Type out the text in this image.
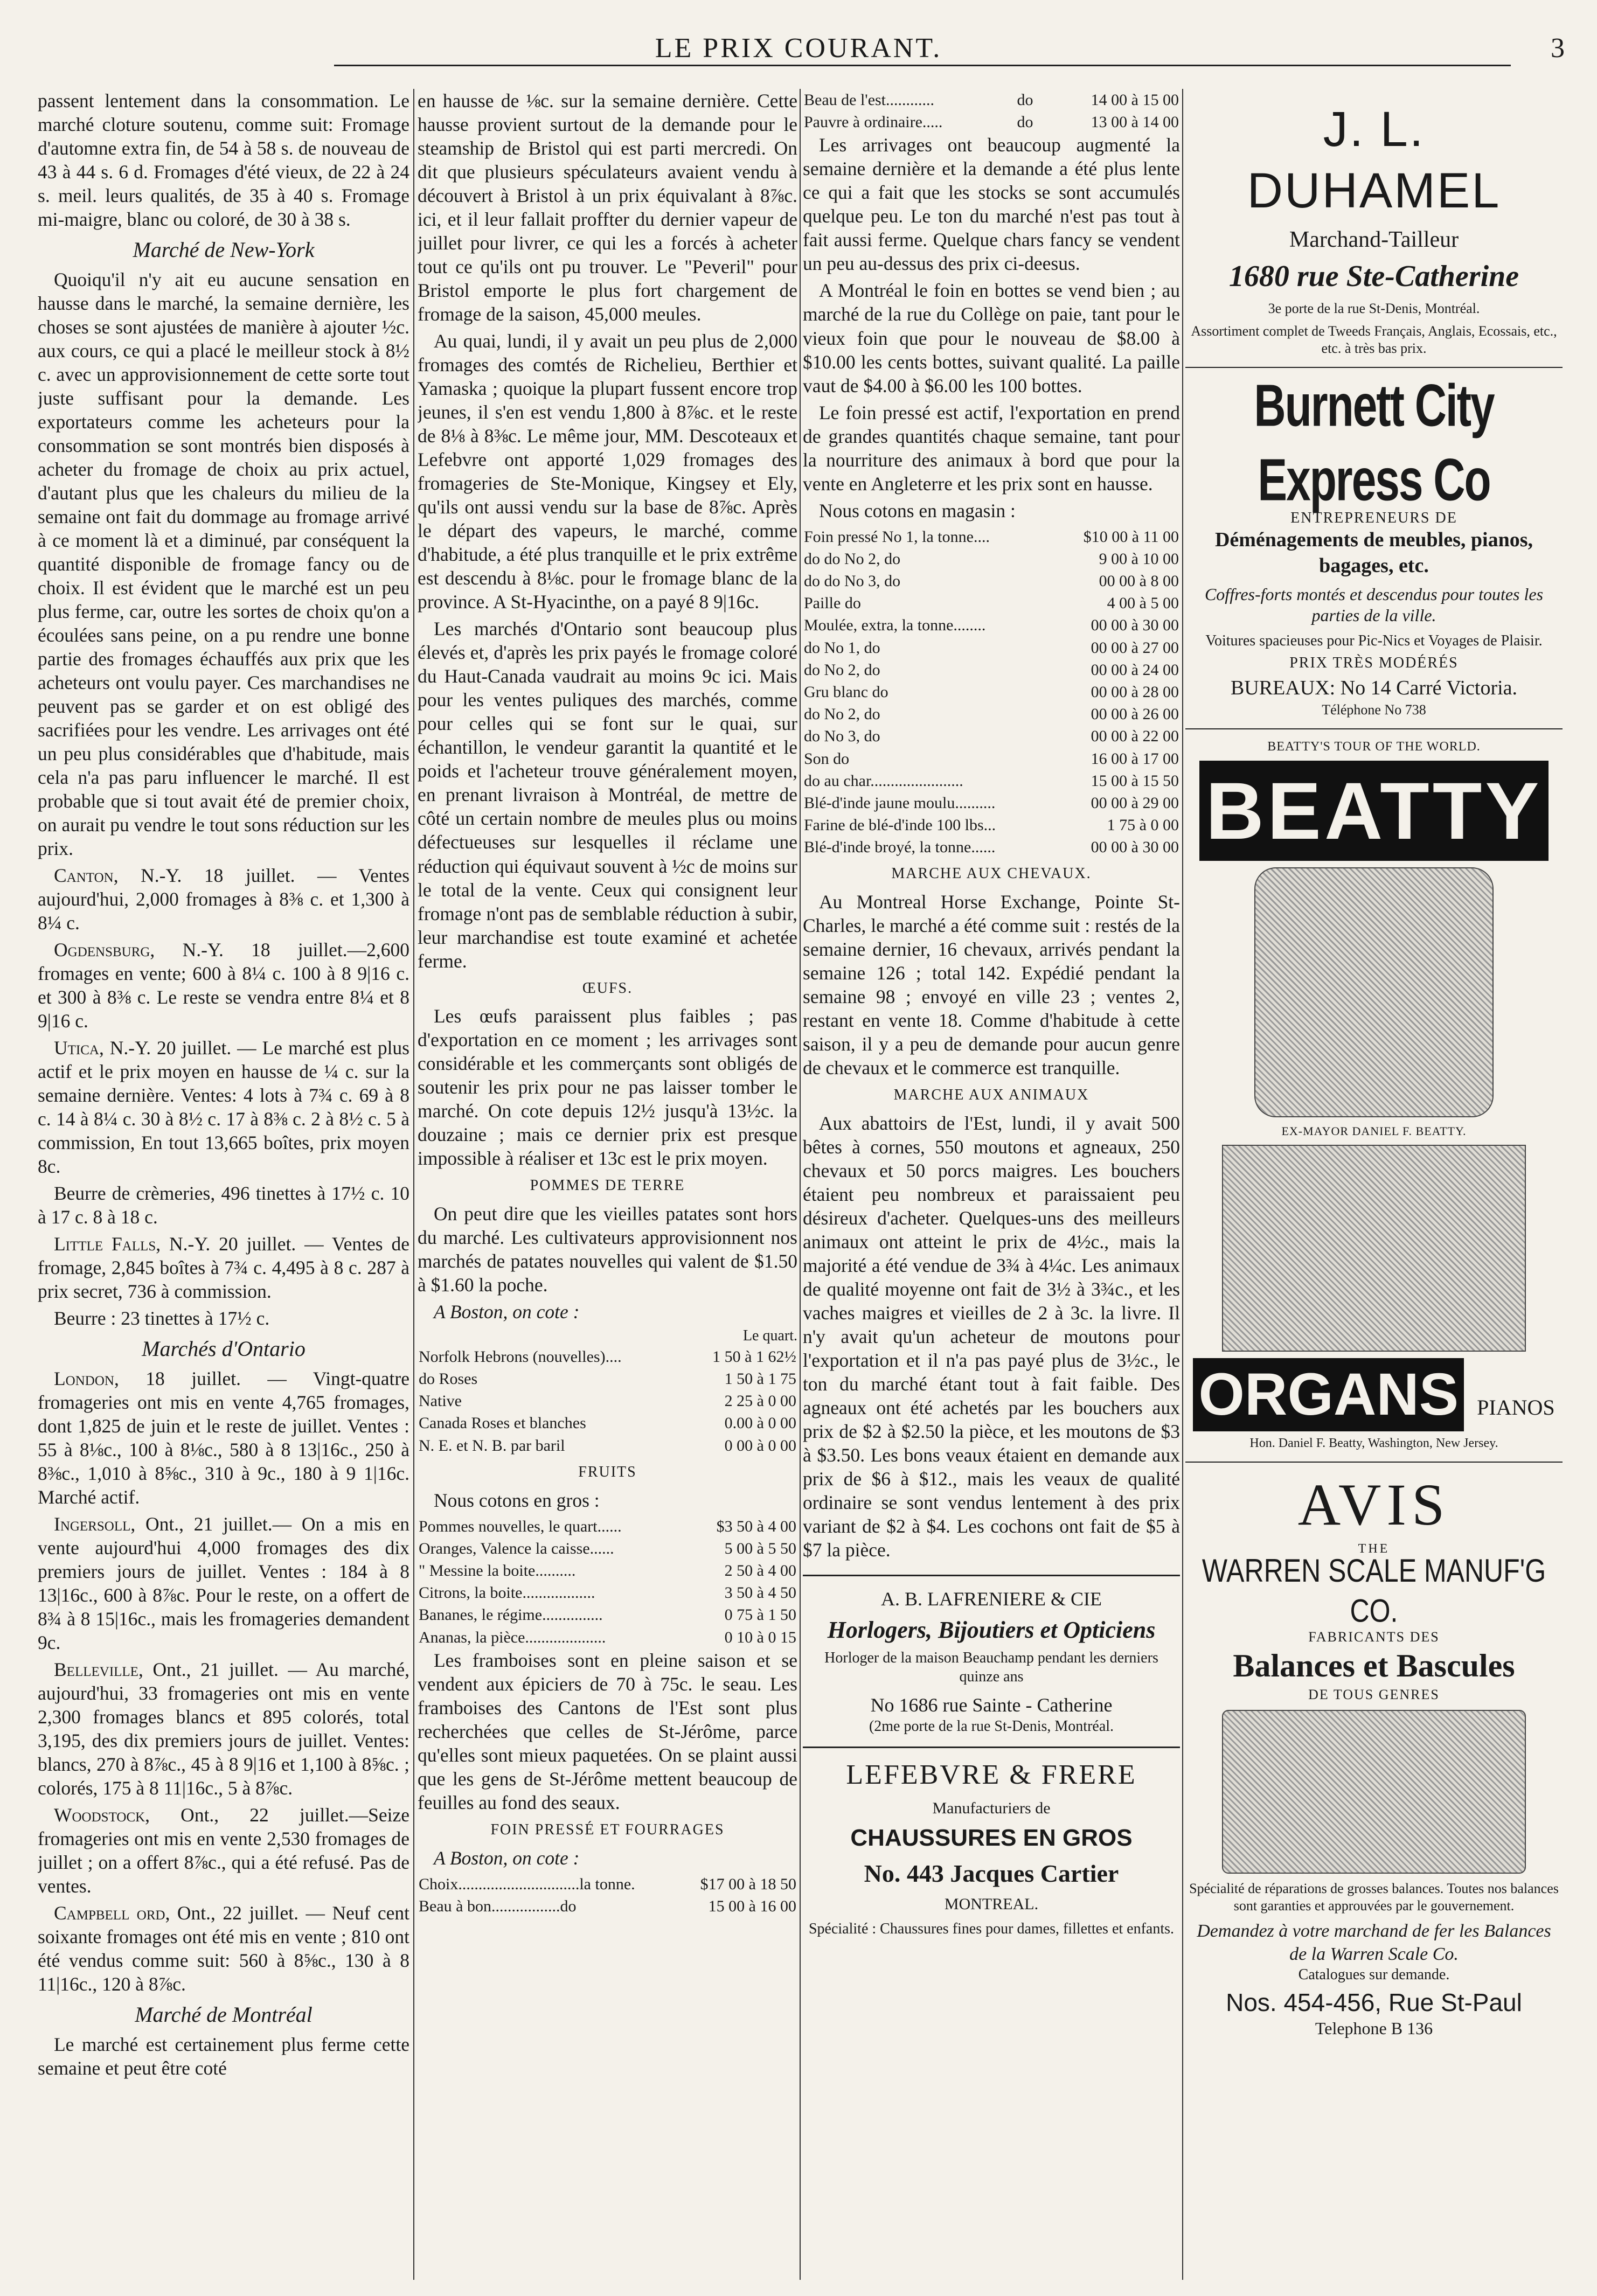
LE PRIX COURANT.	3

passent lentement dans la consommation. Le marché cloture soutenu, comme suit: Fromage d'automne extra fin, de 54 à 58 s. de nouveau de 43 à 44 s. 6 d. Fromages d'été vieux, de 22 à 24 s. meil. leurs qualités, de 35 à 40 s. Fromage mi-maigre, blanc ou coloré, de 30 à 38 s.

Marché de New-York

Quoiqu'il n'y ait eu aucune sensation en hausse dans le marché, la semaine dernière, les choses se sont ajustées de manière à ajouter ½c. aux cours, ce qui a placé le meilleur stock à 8½ c. avec un approvisionnement de cette sorte tout juste suffisant pour la demande. Les exportateurs comme les acheteurs pour la consommation se sont montrés bien disposés à acheter du fromage de choix au prix actuel, d'autant plus que les chaleurs du milieu de la semaine ont fait du dommage au fromage arrivé à ce moment là et a diminué, par conséquent la quantité disponible de fromage fancy ou de choix. Il est évident que le marché est un peu plus ferme, car, outre les sortes de choix qu'on a écoulées sans peine, on a pu rendre une bonne partie des fromages échauffés aux prix que les acheteurs ont voulu payer. Ces marchandises ne peuvent pas se garder et on est obligé des sacrifiées pour les vendre. Les arrivages ont été un peu plus considérables que d'habitude, mais cela n'a pas paru influencer le marché. Il est probable que si tout avait été de premier choix, on aurait pu vendre le tout sons réduction sur les prix.

Canton, N.-Y. 18 juillet. — Ventes aujourd'hui, 2,000 fromages à 8⅜ c. et 1,300 à 8¼ c.

Ogdensburg, N.-Y. 18 juillet.—2,600 fromages en vente; 600 à 8¼ c. 100 à 8 9|16 c. et 300 à 8⅜ c. Le reste se vendra entre 8¼ et 8 9|16 c.

Utica, N.-Y. 20 juillet. — Le marché est plus actif et le prix moyen en hausse de ¼ c. sur la semaine dernière. Ventes: 4 lots à 7¾ c. 69 à 8 c. 14 à 8¼ c. 30 à 8½ c. 17 à 8⅜ c. 2 à 8½ c. 5 à commission, En tout 13,665 boîtes, prix moyen 8c.

Beurre de crèmeries, 496 tinettes à 17½ c. 10 à 17 c. 8 à 18 c.

Little Falls, N.-Y. 20 juillet. — Ventes de fromage, 2,845 boîtes à 7¾ c. 4,495 à 8 c. 287 à prix secret, 736 à commission.

Beurre : 23 tinettes à 17½ c.

Marchés d'Ontario

London, 18 juillet. — Vingt-quatre fromageries ont mis en vente 4,765 fromages, dont 1,825 de juin et le reste de juillet. Ventes : 55 à 8⅛c., 100 à 8⅛c., 580 à 8 13|16c., 250 à 8⅜c., 1,010 à 8⅝c., 310 à 9c., 180 à 9 1|16c. Marché actif.

Ingersoll, Ont., 21 juillet.— On a mis en vente aujourd'hui 4,000 fromages des dix premiers jours de juillet. Ventes : 184 à 8 13|16c., 600 à 8⅞c. Pour le reste, on a offert de 8¾ à 8 15|16c., mais les fromageries demandent 9c.

Belleville, Ont., 21 juillet. — Au marché, aujourd'hui, 33 fromageries ont mis en vente 2,300 fromages blancs et 895 colorés, total 3,195, des dix premiers jours de juillet. Ventes: blancs, 270 à 8⅞c., 45 à 8 9|16 et 1,100 à 8⅝c. ; colorés, 175 à 8 11|16c., 5 à 8⅞c.

Woodstock, Ont., 22 juillet.—Seize fromageries ont mis en vente 2,530 fromages de juillet ; on a offert 8⅞c., qui a été refusé. Pas de ventes.

Campbell ord, Ont., 22 juillet. — Neuf cent soixante fromages ont été mis en vente ; 810 ont été vendus comme suit: 560 à 8⅝c., 130 à 8 11|16c., 120 à 8⅞c.

Marché de Montréal

Le marché est certainement plus ferme cette semaine et peut être coté

en hausse de ⅛c. sur la semaine dernière. Cette hausse provient surtout de la demande pour le steamship de Bristol qui est parti mercredi. On dit que plusieurs spéculateurs avaient vendu à découvert à Bristol à un prix équivalant à 8⅞c. ici, et il leur fallait proffter du dernier vapeur de juillet pour livrer, ce qui les a forcés à acheter tout ce qu'ils ont pu trouver. Le "Peveril" pour Bristol emporte le plus fort chargement de fromage de la saison, 45,000 meules.

Au quai, lundi, il y avait un peu plus de 2,000 fromages des comtés de Richelieu, Berthier et Yamaska ; quoique la plupart fussent encore trop jeunes, il s'en est vendu 1,800 à 8⅞c. et le reste de 8⅛ à 8⅜c. Le même jour, MM. Descoteaux et Lefebvre ont apporté 1,029 fromages des fromageries de Ste-Monique, Kingsey et Ely, qu'ils ont aussi vendu sur la base de 8⅞c. Après le départ des vapeurs, le marché, comme d'habitude, a été plus tranquille et le prix extrême est descendu à 8⅛c. pour le fromage blanc de la province. A St-Hyacinthe, on a payé 8 9|16c.

Les marchés d'Ontario sont beaucoup plus élevés et, d'après les prix payés le fromage coloré du Haut-Canada vaudrait au moins 9c ici. Mais pour les ventes puliques des marchés, comme pour celles qui se font sur le quai, sur échantillon, le vendeur garantit la quantité et le poids et l'acheteur trouve généralement moyen, en prenant livraison à Montréal, de mettre de côté un certain nombre de meules plus ou moins défectueuses sur lesquelles il réclame une réduction qui équivaut souvent à ½c de moins sur le total de la vente. Ceux qui consignent leur fromage n'ont pas de semblable réduction à subir, leur marchandise est toute examiné et achetée ferme.

ŒUFS.

Les œufs paraissent plus faibles ; pas d'exportation en ce moment ; les arrivages sont considérable et les commerçants sont obligés de soutenir les prix pour ne pas laisser tomber le marché. On cote depuis 12½ jusqu'à 13½c. la douzaine ; mais ce dernier prix est presque impossible à réaliser et 13c est le prix moyen.

POMMES DE TERRE

On peut dire que les vieilles patates sont hors du marché. Les cultivateurs approvisionnent nos marchés de patates nouvelles qui valent de $1.50 à $1.60 la poche.

A Boston, on cote :

Le quart.
Norfolk Hebrons (nouvelles)....	1 50 à 1 62½
do Roses	1 50 à 1 75
Native	2 25 à 0 00
Canada Roses et blanches	0.00 à 0 00
N. E. et N. B. par baril	0 00 à 0 00
FRUITS

Nous cotons en gros :

Pommes nouvelles, le quart......	$3 50 à 4 00
Oranges, Valence la caisse......	5 00 à 5 50
" Messine la boite..........	2 50 à 4 00
Citrons, la boite..................	3 50 à 4 50
Bananes, le régime...............	0 75 à 1 50
Ananas, la pièce....................	0 10 à 0 15

Les framboises sont en pleine saison et se vendent aux épiciers de 70 à 75c. le seau. Les framboises des Cantons de l'Est sont plus recherchées que celles de St-Jérôme, parce qu'elles sont mieux paquetées. On se plaint aussi que les gens de St-Jérôme mettent beaucoup de feuilles au fond des seaux.

FOIN PRESSÉ ET FOURRAGES

A Boston, on cote :

Choix..............................la tonne.	$17 00 à 18 50
Beau à bon.................do	15 00 à 16 00
Beau de l'est............	do	14 00 à 15 00
Pauvre à ordinaire.....	do	13 00 à 14 00

Les arrivages ont beaucoup augmenté la semaine dernière et la demande a été plus lente ce qui a fait que les stocks se sont accumulés quelque peu. Le ton du marché n'est pas tout à fait aussi ferme. Quelque chars fancy se vendent un peu au-dessus des prix ci-deesus.

A Montréal le foin en bottes se vend bien ; au marché de la rue du Collège on paie, tant pour le vieux foin que pour le nouveau de $8.00 à $10.00 les cents bottes, suivant qualité. La paille vaut de $4.00 à $6.00 les 100 bottes.

Le foin pressé est actif, l'exportation en prend de grandes quantités chaque semaine, tant pour la nourriture des animaux à bord que pour la vente en Angleterre et les prix sont en hausse.

Nous cotons en magasin :

Foin pressé No 1, la tonne....	$10 00 à 11 00
do do No 2, do	9 00 à 10 00
do do No 3, do	00 00 à 8 00
Paille do	4 00 à 5 00
Moulée, extra, la tonne........	00 00 à 30 00
do No 1, do	00 00 à 27 00
do No 2, do	00 00 à 24 00
Gru blanc do	00 00 à 28 00
do No 2, do	00 00 à 26 00
do No 3, do	00 00 à 22 00
Son do	16 00 à 17 00
do au char.......................	15 00 à 15 50
Blé-d'inde jaune moulu..........	00 00 à 29 00
Farine de blé-d'inde 100 lbs...	1 75 à 0 00
Blé-d'inde broyé, la tonne......	00 00 à 30 00
MARCHE AUX CHEVAUX.

Au Montreal Horse Exchange, Pointe St-Charles, le marché a été comme suit : restés de la semaine dernier, 16 chevaux, arrivés pendant la semaine 126 ; total 142. Expédié pendant la semaine 98 ; envoyé en ville 23 ; ventes 2, restant en vente 18. Comme d'habitude à cette saison, il y a peu de demande pour aucun genre de chevaux et le commerce est tranquille.

MARCHE AUX ANIMAUX

Aux abattoirs de l'Est, lundi, il y avait 500 bêtes à cornes, 550 moutons et agneaux, 250 chevaux et 50 porcs maigres. Les bouchers étaient peu nombreux et paraissaient peu désireux d'acheter. Quelques-uns des meilleurs animaux ont atteint le prix de 4½c., mais la majorité a été vendue de 3¾ à 4¼c. Les animaux de qualité moyenne ont fait de 3½ à 3¾c., et les vaches maigres et vieilles de 2 à 3c. la livre. Il n'y avait qu'un acheteur de moutons pour l'exportation et il n'a pas payé plus de 3½c., le ton du marché étant tout à fait faible. Des agneaux ont été achetés par les bouchers aux prix de $2 à $2.50 la pièce, et les moutons de $3 à $3.50. Les bons veaux étaient en demande aux prix de $6 à $12., mais les veaux de qualité ordinaire se sont vendus lentement à des prix variant de $2 à $4. Les cochons ont fait de $5 à $7 la pièce.

A. B. LAFRENIERE & CIE
Horlogers, Bijoutiers et Opticiens
Horloger de la maison Beauchamp pendant les derniers quinze ans
No 1686 rue Sainte - Catherine
(2me porte de la rue St-Denis, Montréal.
LEFEBVRE & FRERE
Manufacturiers de
CHAUSSURES EN GROS
No. 443 Jacques Cartier
MONTREAL.
Spécialité : Chaussures fines pour dames, fillettes et enfants.
J. L. DUHAMEL
Marchand-Tailleur
1680 rue Ste-Catherine
3e porte de la rue St-Denis, Montréal.
Assortiment complet de Tweeds Français, Anglais, Ecossais, etc., etc. à très bas prix.
Burnett City Express Co
ENTREPRENEURS DE
Déménagements de meubles, pianos, bagages, etc.
Coffres-forts montés et descendus pour toutes les parties de la ville.
Voitures spacieuses pour Pic-Nics et Voyages de Plaisir.
PRIX TRÈS MODÉRÉS
BUREAUX: No 14 Carré Victoria.
Téléphone No 738
BEATTY'S TOUR OF THE WORLD.
BEATTY
EX-MAYOR DANIEL F. BEATTY.
ORGANS PIANOS
Hon. Daniel F. Beatty, Washington, New Jersey.
AVIS
THE
WARREN SCALE MANUF'G CO.
FABRICANTS DES
Balances et Bascules
DE TOUS GENRES
Spécialité de réparations de grosses balances. Toutes nos balances sont garanties et approuvées par le gouvernement.
Demandez à votre marchand de fer les Balances de la Warren Scale Co.
Catalogues sur demande.
Nos. 454-456, Rue St-Paul
Telephone B 136
